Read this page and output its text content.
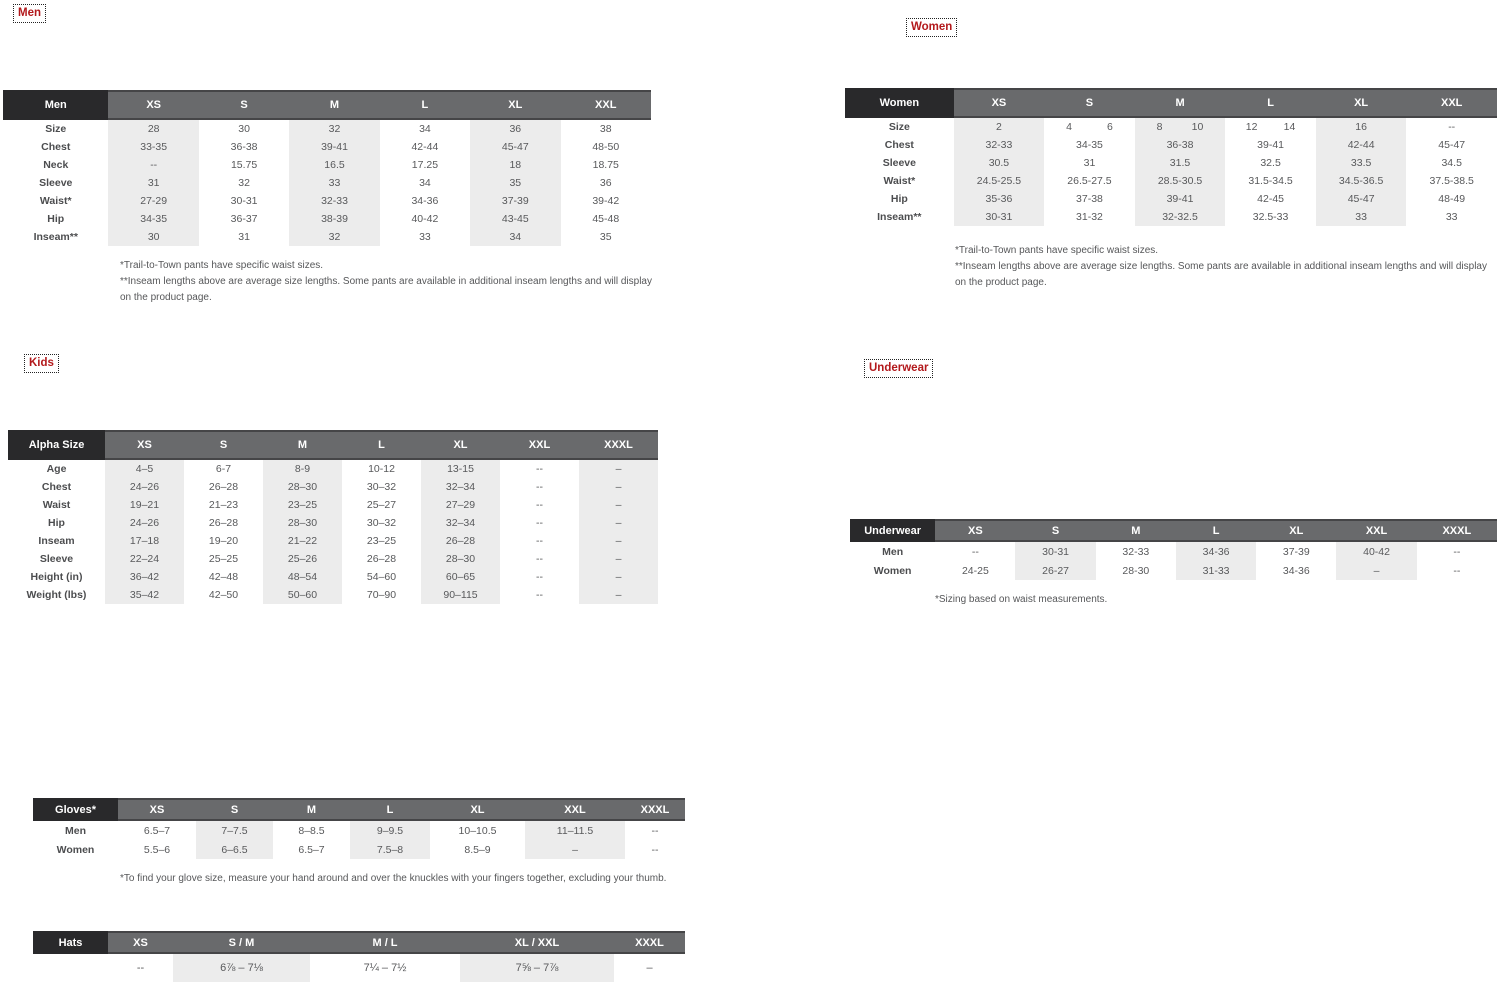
Men
Women
Kids	Underwear
Men	XS	S	M	L	XL	XXL
Size	28	30	32	34	36	38
Chest	33-35	36-38	39-41	42-44	45-47	48-50
Neck	--	15.75	16.5	17.25	18	18.75
Sleeve	31	32	33	34	35	36
Waist*	27-29	30-31	32-33	34-36	37-39	39-42
Hip	34-35	36-37	38-39	40-42	43-45	45-48
Inseam**	30	31	32	33	34	35
*Trail-to-Town pants have specific waist sizes.
**Inseam lengths above are average size lengths. Some pants are available in additional inseam lengths and will display on the product page.
Women	XS	S	M	L	XL	XXL
Size	2	4            6	8          10	12         14	16	--
Chest	32-33	34-35	36-38	39-41	42-44	45-47
Sleeve	30.5	31	31.5	32.5	33.5	34.5
Waist*	24.5-25.5	26.5-27.5	28.5-30.5	31.5-34.5	34.5-36.5	37.5-38.5
Hip	35-36	37-38	39-41	42-45	45-47	48-49
Inseam**	30-31	31-32	32-32.5	32.5-33	33	33
*Trail-to-Town pants have specific waist sizes.
**Inseam lengths above are average size lengths. Some pants are available in additional inseam lengths and will display on the product page.
Alpha Size	XS	S	M	L	XL	XXL	XXXL
Age	4–5	6-7	8-9	10-12	13-15	--	–
Chest	24–26	26–28	28–30	30–32	32–34	--	–
Waist	19–21	21–23	23–25	25–27	27–29	--	–
Hip	24–26	26–28	28–30	30–32	32–34	--	–
Inseam	17–18	19–20	21–22	23–25	26–28	--	–
Sleeve	22–24	25–25	25–26	26–28	28–30	--	–
Height (in)	36–42	42–48	48–54	54–60	60–65	--	–
Weight (lbs)	35–42	42–50	50–60	70–90	90–115	--	–
Underwear	XS	S	M	L	XL	XXL	XXXL
Men	--	30-31	32-33	34-36	37-39	40-42	--
Women	24-25	26-27	28-30	31-33	34-36	–	--
*Sizing based on waist measurements.
Gloves*	XS	S	M	L	XL	XXL	XXXL
Men	6.5–7	7–7.5	8–8.5	9–9.5	10–10.5	11–11.5	--
Women	5.5–6	6–6.5	6.5–7	7.5–8	8.5–9	–	--
*To find your glove size, measure your hand around and over the knuckles with your fingers together, excluding your thumb.
Hats	XS	S / M	M / L	XL / XXL	XXXL
	--	6⅞ – 7⅛	7¼ – 7½	7⅝ – 7⅞	–
